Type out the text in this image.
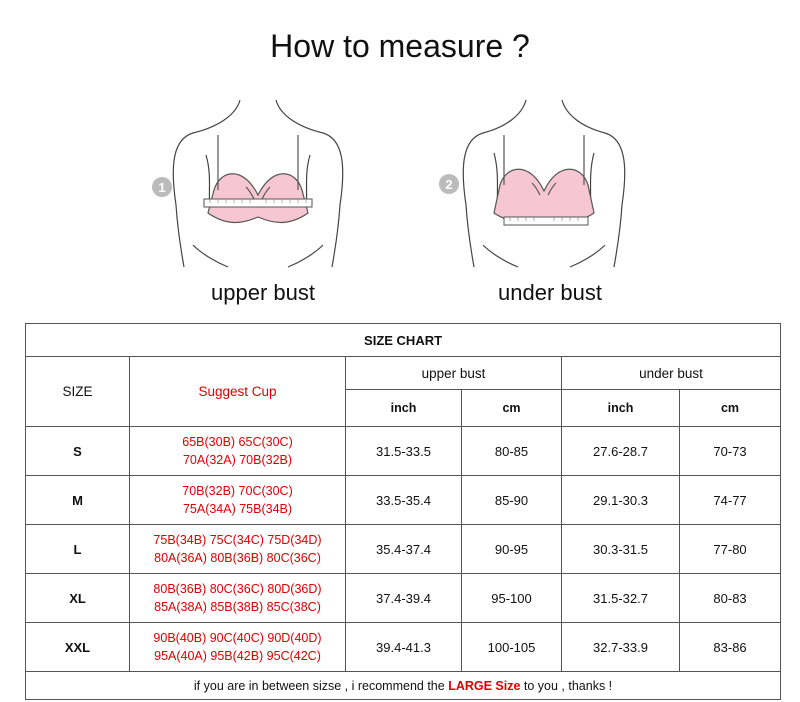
How to measure ?
1
upper bust
2
under bust
SIZE CHART					
SIZE	Suggest Cup	upper bust		under bust	
		inch	cm	inch	cm
S	65B(30B) 65C(30C)
70A(32A) 70B(32B)	31.5-33.5	80-85	27.6-28.7	70-73
M	70B(32B) 70C(30C)
75A(34A) 75B(34B)	33.5-35.4	85-90	29.1-30.3	74-77
L	75B(34B) 75C(34C) 75D(34D)
80A(36A) 80B(36B) 80C(36C)	35.4-37.4	90-95	30.3-31.5	77-80
XL	80B(36B) 80C(36C) 80D(36D)
85A(38A) 85B(38B) 85C(38C)	37.4-39.4	95-100	31.5-32.7	80-83
XXL	90B(40B) 90C(40C) 90D(40D)
95A(40A) 95B(42B) 95C(42C)	39.4-41.3	100-105	32.7-33.9	83-86
if you are in between sizse , i recommend the LARGE Size to you , thanks !					
